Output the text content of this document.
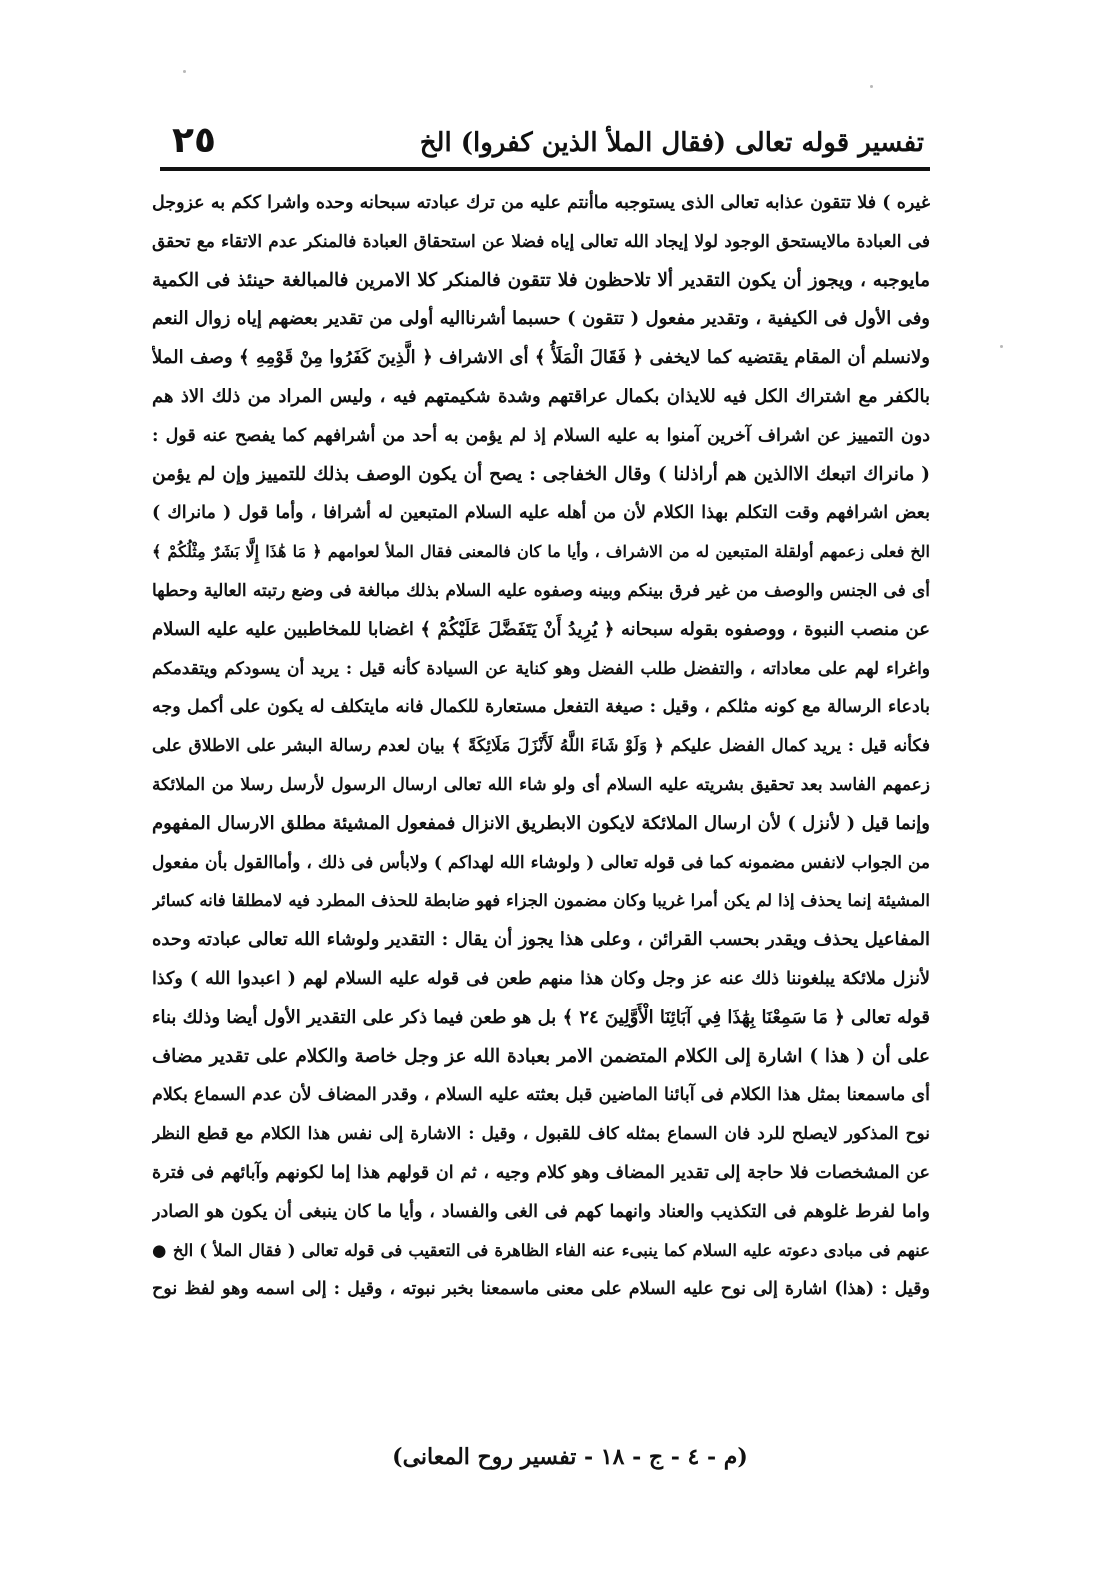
تفسير قوله تعالى (فقال الملأ الذين كفروا) الخ
٢٥
غيره ) فلا تتقون عذابه تعالى الذى يستوجبه ماأنتم عليه من ترك عبادته سبحانه وحده واشرا ككم به عزوجل
فى العبادة مالايستحق الوجود لولا إيجاد الله تعالى إياه فضلا عن استحقاق العبادة فالمنكر عدم الاتقاء مع تحقق
مايوجبه ، ويجوز أن يكون التقدير ألا تلاحظون فلا تتقون فالمنكر كلا الامرين فالمبالغة حينئذ فى الكمية
وفى الأول فى الكيفية ، وتقدير مفعول ( تتقون ) حسبما أشرنااليه أولى من تقدير بعضهم إياه زوال النعم
ولانسلم أن المقام يقتضيه كما لايخفى ﴿ فَقَالَ الْمَلَأُ ﴾ أى الاشراف ﴿ الَّذِينَ كَفَرُوا مِنْ قَوْمِهِ ﴾ وصف الملأ
بالكفر مع اشتراك الكل فيه للايذان بكمال عراقتهم وشدة شكيمتهم فيه ، وليس المراد من ذلك الاذ هم
دون التمييز عن اشراف آخرين آمنوا به عليه السلام إذ لم يؤمن به أحد من أشرافهم كما يفصح عنه قول :
( مانراك اتبعك الاالذين هم أراذلنا ) وقال الخفاجى : يصح أن يكون الوصف بذلك للتمييز وإن لم يؤمن
بعض اشرافهم وقت التكلم بهذا الكلام لأن من أهله عليه السلام المتبعين له أشرافا ، وأما قول ( مانراك )
الخ فعلى زعمهم أولقلة المتبعين له من الاشراف ، وأيا ما كان فالمعنى فقال الملأ لعوامهم ﴿ مَا هَٰذَا إِلَّا بَشَرٌ مِثْلُكُمْ ﴾
أى فى الجنس والوصف من غير فرق بينكم وبينه وصفوه عليه السلام بذلك مبالغة فى وضع رتبته العالية وحطها
عن منصب النبوة ، ووصفوه بقوله سبحانه ﴿ يُرِيدُ أَنْ يَتَفَضَّلَ عَلَيْكُمْ ﴾ اغضابا للمخاطبين عليه عليه السلام
واغراء لهم على معاداته ، والتفضل طلب الفضل وهو كناية عن السيادة كأنه قيل : يريد أن يسودكم ويتقدمكم
بادعاء الرسالة مع كونه مثلكم ، وقيل : صيغة التفعل مستعارة للكمال فانه مايتكلف له يكون على أكمل وجه
فكأنه قيل : يريد كمال الفضل عليكم ﴿ وَلَوْ شَاءَ اللَّهُ لَأَنْزَلَ مَلَائِكَةً ﴾ بيان لعدم رسالة البشر على الاطلاق على
زعمهم الفاسد بعد تحقيق بشريته عليه السلام أى ولو شاء الله تعالى ارسال الرسول لأرسل رسلا من الملائكة
وإنما قيل ( لأنزل ) لأن ارسال الملائكة لايكون الابطريق الانزال فمفعول المشيئة مطلق الارسال المفهوم
من الجواب لانفس مضمونه كما فى قوله تعالى ( ولوشاء الله لهداكم ) ولابأس فى ذلك ، وأماالقول بأن مفعول
المشيئة إنما يحذف إذا لم يكن أمرا غريبا وكان مضمون الجزاء فهو ضابطة للحذف المطرد فيه لامطلقا فانه كسائر
المفاعيل يحذف ويقدر بحسب القرائن ، وعلى هذا يجوز أن يقال : التقدير ولوشاء الله تعالى عبادته وحده
لأنزل ملائكة يبلغوننا ذلك عنه عز وجل وكان هذا منهم طعن فى قوله عليه السلام لهم ( اعبدوا الله ) وكذا
قوله تعالى ﴿ مَا سَمِعْنَا بِهَٰذَا فِي آبَائِنَا الْأَوَّلِينَ ٢٤ ﴾ بل هو طعن فيما ذكر على التقدير الأول أيضا وذلك بناء
على أن ( هذا ) اشارة إلى الكلام المتضمن الامر بعبادة الله عز وجل خاصة والكلام على تقدير مضاف
أى ماسمعنا بمثل هذا الكلام فى آبائنا الماضين قبل بعثته عليه السلام ، وقدر المضاف لأن عدم السماع بكلام
نوح المذكور لايصلح للرد فان السماع بمثله كاف للقبول ، وقيل : الاشارة إلى نفس هذا الكلام مع قطع النظر
عن المشخصات فلا حاجة إلى تقدير المضاف وهو كلام وجيه ، ثم ان قولهم هذا إما لكونهم وآبائهم فى فترة
واما لفرط غلوهم فى التكذيب والعناد وانهما كهم فى الغى والفساد ، وأيا ما كان ينبغى أن يكون هو الصادر
عنهم فى مبادى دعوته عليه السلام كما ينبىء عنه الفاء الظاهرة فى التعقيب فى قوله تعالى ( فقال الملأ ) الخ ●
وقيل : (هذا) اشارة إلى نوح عليه السلام على معنى ماسمعنا بخبر نبوته ، وقيل : إلى اسمه وهو لفظ نوح
(م - ٤ - ج - ١٨ - تفسير روح المعانى)
